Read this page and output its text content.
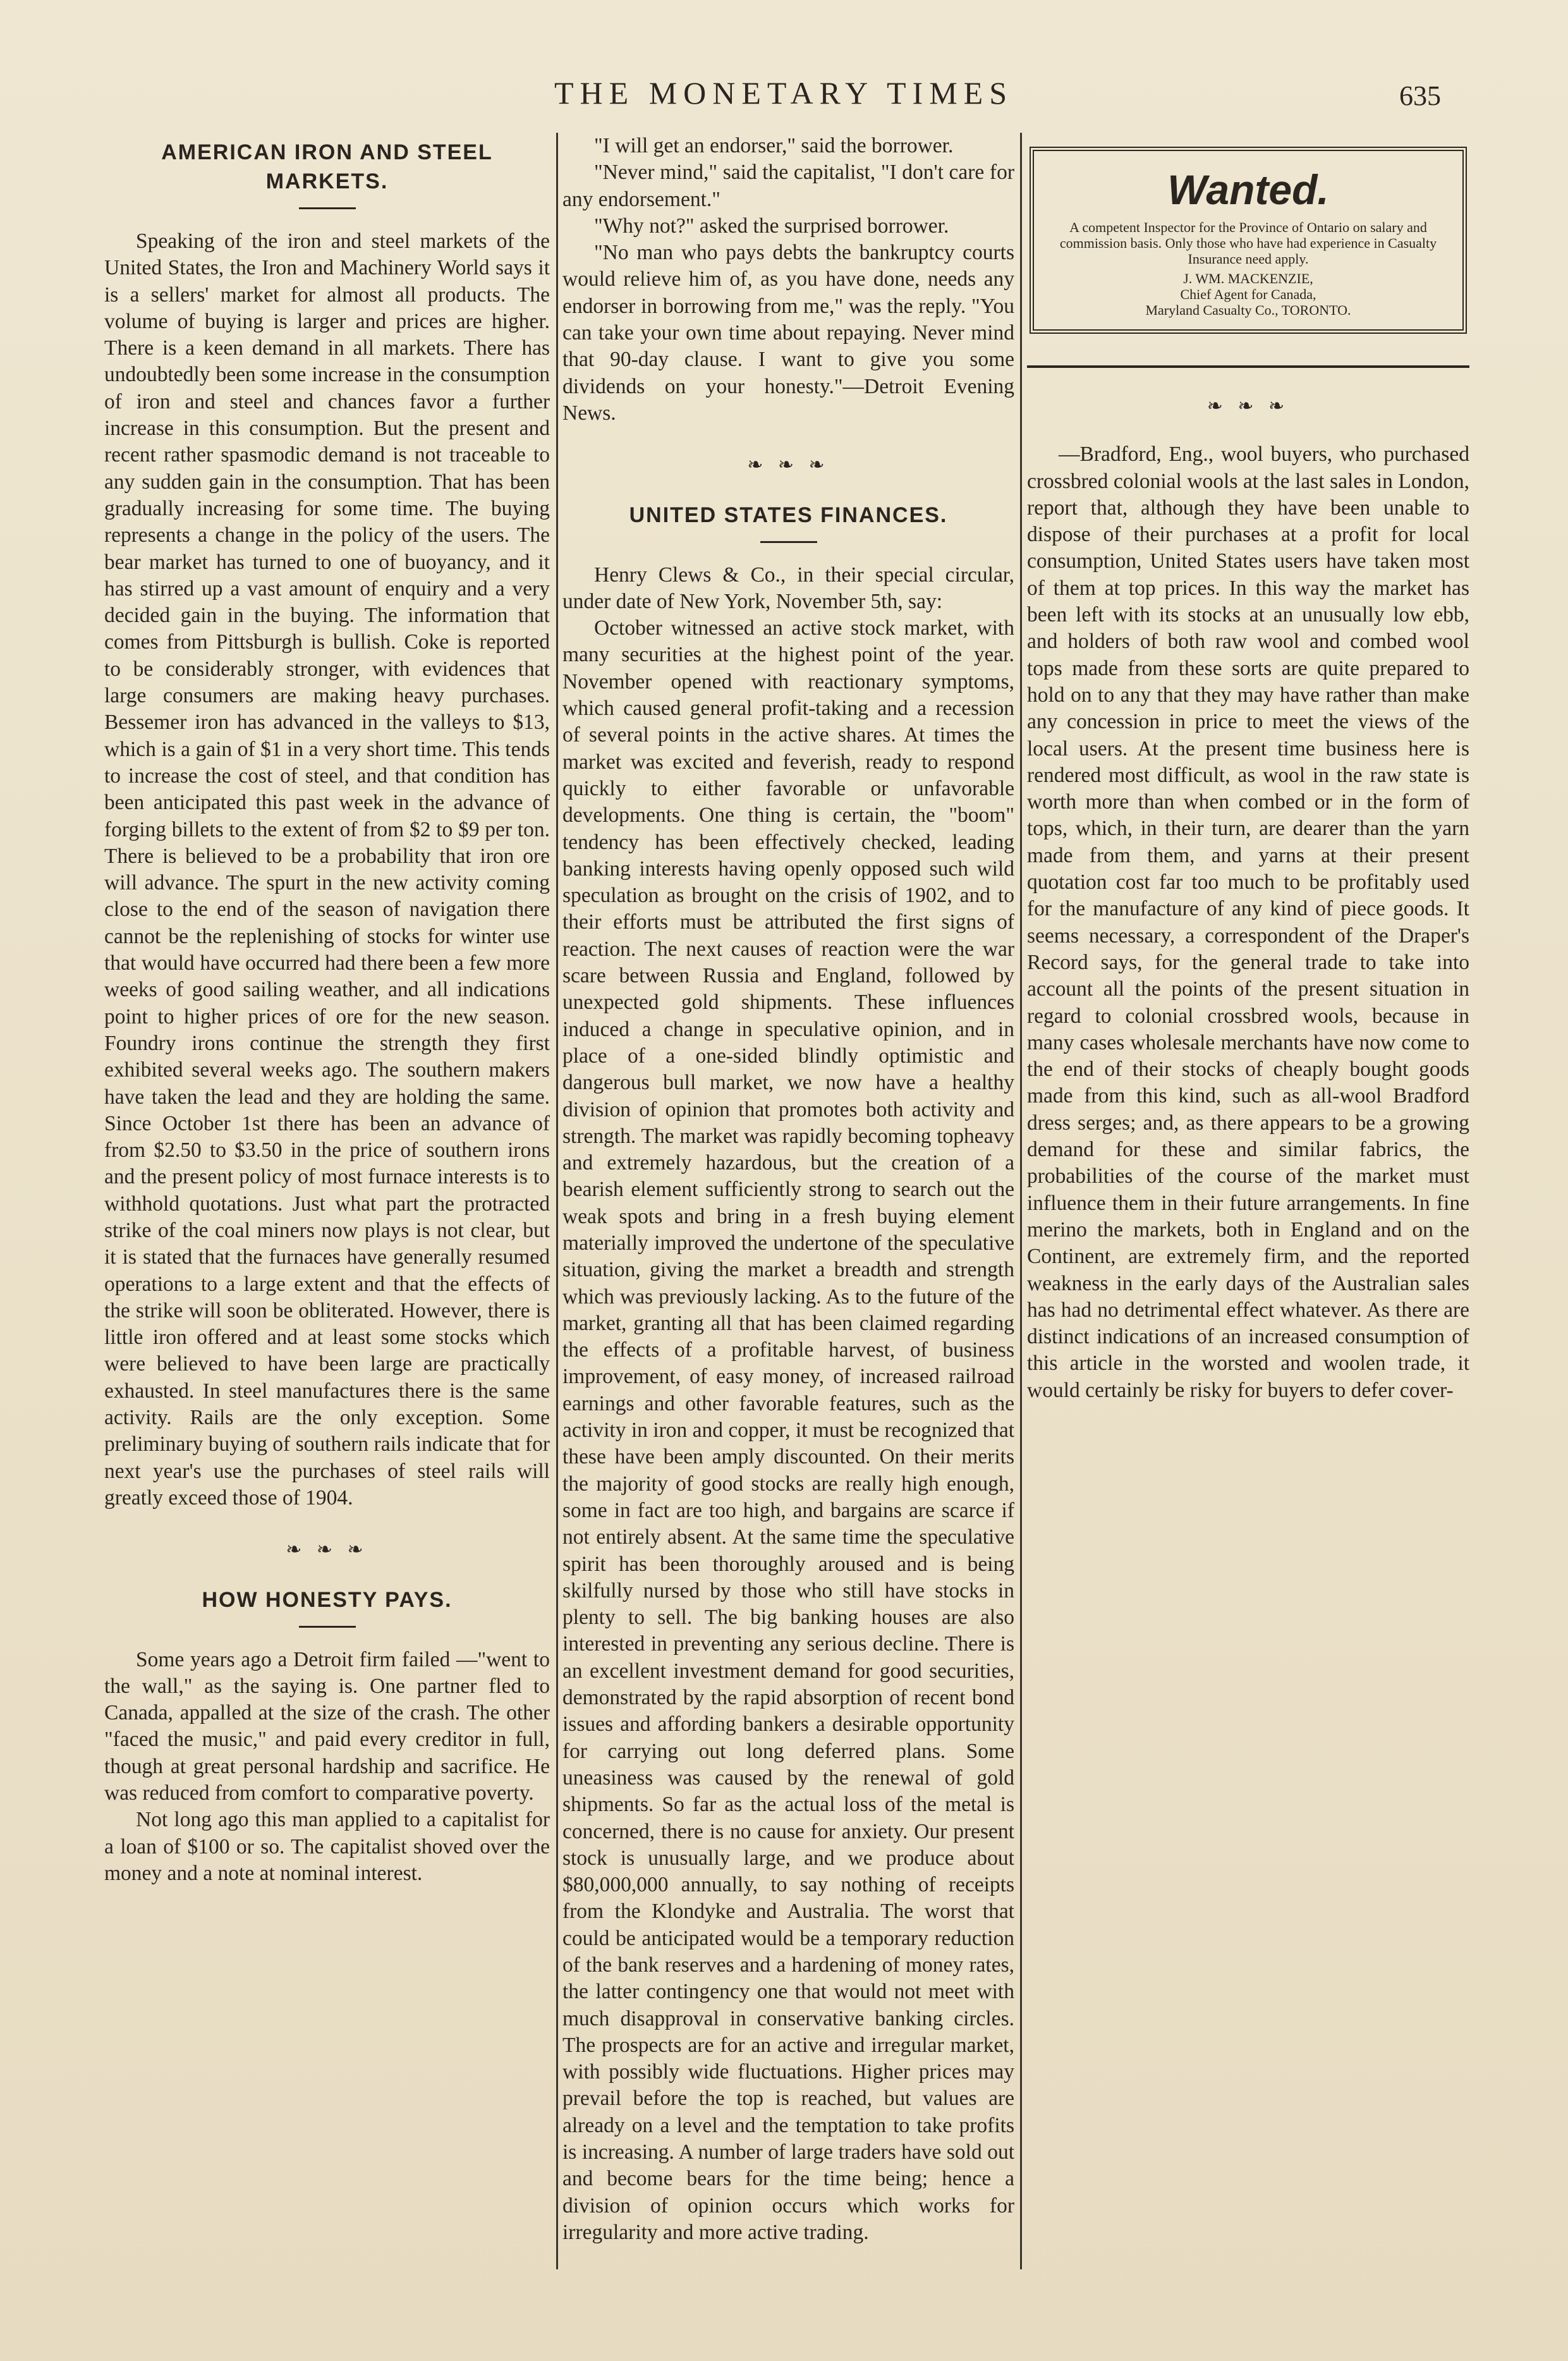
THE MONETARY TIMES	635
AMERICAN IRON AND STEEL MARKETS.

Speaking of the iron and steel markets of the United States, the Iron and Machinery World says it is a sellers' market for almost all products. The volume of buying is larger and prices are higher. There is a keen demand in all markets. There has undoubtedly been some increase in the consumption of iron and steel and chances favor a further increase in this consumption. But the present and recent rather spasmodic demand is not traceable to any sudden gain in the consumption. That has been gradually increasing for some time. The buying represents a change in the policy of the users. The bear market has turned to one of buoyancy, and it has stirred up a vast amount of enquiry and a very decided gain in the buying. The information that comes from Pittsburgh is bullish. Coke is reported to be considerably stronger, with evidences that large consumers are making heavy purchases. Bessemer iron has advanced in the valleys to $13, which is a gain of $1 in a very short time. This tends to increase the cost of steel, and that condition has been anticipated this past week in the advance of forging billets to the extent of from $2 to $9 per ton. There is believed to be a probability that iron ore will advance. The spurt in the new activity coming close to the end of the season of navigation there cannot be the replenishing of stocks for winter use that would have occurred had there been a few more weeks of good sailing weather, and all indications point to higher prices of ore for the new season. Foundry irons continue the strength they first exhibited several weeks ago. The southern makers have taken the lead and they are holding the same. Since October 1st there has been an advance of from $2.50 to $3.50 in the price of southern irons and the present policy of most furnace interests is to withhold quotations. Just what part the protracted strike of the coal miners now plays is not clear, but it is stated that the furnaces have generally resumed operations to a large extent and that the effects of the strike will soon be obliterated. However, there is little iron offered and at least some stocks which were believed to have been large are practically exhausted. In steel manufactures there is the same activity. Rails are the only exception. Some preliminary buying of southern rails indicate that for next year's use the purchases of steel rails will greatly exceed those of 1904.

❧ ❧ ❧
HOW HONESTY PAYS.

Some years ago a Detroit firm failed —"went to the wall," as the saying is. One partner fled to Canada, appalled at the size of the crash. The other "faced the music," and paid every creditor in full, though at great personal hardship and sacrifice. He was reduced from comfort to comparative poverty.

Not long ago this man applied to a capitalist for a loan of $100 or so. The capitalist shoved over the money and a note at nominal interest.

"I will get an endorser," said the borrower.

"Never mind," said the capitalist, "I don't care for any endorsement."

"Why not?" asked the surprised borrower.

"No man who pays debts the bankruptcy courts would relieve him of, as you have done, needs any endorser in borrowing from me," was the reply. "You can take your own time about repaying. Never mind that 90-day clause. I want to give you some dividends on your honesty."—Detroit Evening News.

❧ ❧ ❧
UNITED STATES FINANCES.

Henry Clews & Co., in their special circular, under date of New York, November 5th, say:

October witnessed an active stock market, with many securities at the highest point of the year. November opened with reactionary symptoms, which caused general profit-taking and a recession of several points in the active shares. At times the market was excited and feverish, ready to respond quickly to either favorable or unfavorable developments. One thing is certain, the "boom" tendency has been effectively checked, leading banking interests having openly opposed such wild speculation as brought on the crisis of 1902, and to their efforts must be attributed the first signs of reaction. The next causes of reaction were the war scare between Russia and England, followed by unexpected gold shipments. These influences induced a change in speculative opinion, and in place of a one-sided blindly optimistic and dangerous bull market, we now have a healthy division of opinion that promotes both activity and strength. The market was rapidly becoming topheavy and extremely hazardous, but the creation of a bearish element sufficiently strong to search out the weak spots and bring in a fresh buying element materially improved the undertone of the speculative situation, giving the market a breadth and strength which was previously lacking. As to the future of the market, granting all that has been claimed regarding the effects of a profitable harvest, of business improvement, of easy money, of increased railroad earnings and other favorable features, such as the activity in iron and copper, it must be recognized that these have been amply discounted. On their merits the majority of good stocks are really high enough, some in fact are too high, and bargains are scarce if not entirely absent. At the same time the speculative spirit has been thoroughly aroused and is being skilfully nursed by those who still have stocks in plenty to sell. The big banking houses are also interested in preventing any serious decline. There is an excellent investment demand for good securities, demonstrated by the rapid absorption of recent bond issues and affording bankers a desirable opportunity for carrying out long deferred plans. Some uneasiness was caused by the renewal of gold shipments. So far as the actual loss of the metal is concerned, there is no cause for anxiety. Our present stock is unusually large, and we produce about $80,000,000 annually, to say nothing of receipts from the Klondyke and Australia. The worst that could be anticipated would be a temporary reduction of the bank reserves and a hardening of money rates, the latter contingency one that would not meet with much disapproval in conservative banking circles. The prospects are for an active and irregular market, with possibly wide fluctuations. Higher prices may prevail before the top is reached, but values are already on a level and the temptation to take profits is increasing. A number of large traders have sold out and become bears for the time being; hence a division of opinion occurs which works for irregularity and more active trading.

Wanted.
A competent Inspector for the Province of Ontario on salary and commission basis. Only those who have had experience in Casualty Insurance need apply.
J. WM. MACKENZIE,
Chief Agent for Canada,
Maryland Casualty Co., TORONTO.

❧ ❧ ❧

—Bradford, Eng., wool buyers, who purchased crossbred colonial wools at the last sales in London, report that, although they have been unable to dispose of their purchases at a profit for local consumption, United States users have taken most of them at top prices. In this way the market has been left with its stocks at an unusually low ebb, and holders of both raw wool and combed wool tops made from these sorts are quite prepared to hold on to any that they may have rather than make any concession in price to meet the views of the local users. At the present time business here is rendered most difficult, as wool in the raw state is worth more than when combed or in the form of tops, which, in their turn, are dearer than the yarn made from them, and yarns at their present quotation cost far too much to be profitably used for the manufacture of any kind of piece goods. It seems necessary, a correspondent of the Draper's Record says, for the general trade to take into account all the points of the present situation in regard to colonial crossbred wools, because in many cases wholesale merchants have now come to the end of their stocks of cheaply bought goods made from this kind, such as all-wool Bradford dress serges; and, as there appears to be a growing demand for these and similar fabrics, the probabilities of the course of the market must influence them in their future arrangements. In fine merino the markets, both in England and on the Continent, are extremely firm, and the reported weakness in the early days of the Australian sales has had no detrimental effect whatever. As there are distinct indications of an increased consumption of this article in the worsted and woolen trade, it would certainly be risky for buyers to defer cover-
